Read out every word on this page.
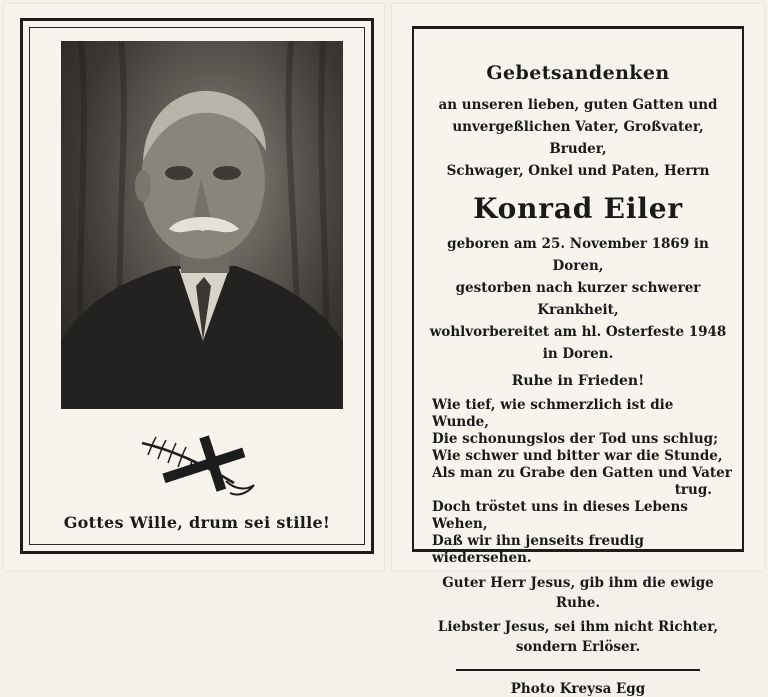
Gottes Wille, drum sei stille!
Gebetsandenken
an unseren lieben, guten Gatten und
unvergeßlichen Vater, Großvater, Bruder,
Schwager, Onkel und Paten, Herrn
Konrad Eiler
geboren am 25. November 1869 in Doren,
gestorben nach kurzer schwerer Krankheit,
wohlvorbereitet am hl. Osterfeste 1948
in Doren.
Ruhe in Frieden!
Wie tief, wie schmerzlich ist die Wunde,
Die schonungslos der Tod uns schlug;
Wie schwer und bitter war die Stunde,
Als man zu Grabe den Gatten und Vater
trug.
Doch tröstet uns in dieses Lebens Wehen,
Daß wir ihn jenseits freudig wiedersehen.
Guter Herr Jesus, gib ihm die ewige Ruhe.
Liebster Jesus, sei ihm nicht Richter,
sondern Erlöser.
Photo Kreysa Egg
